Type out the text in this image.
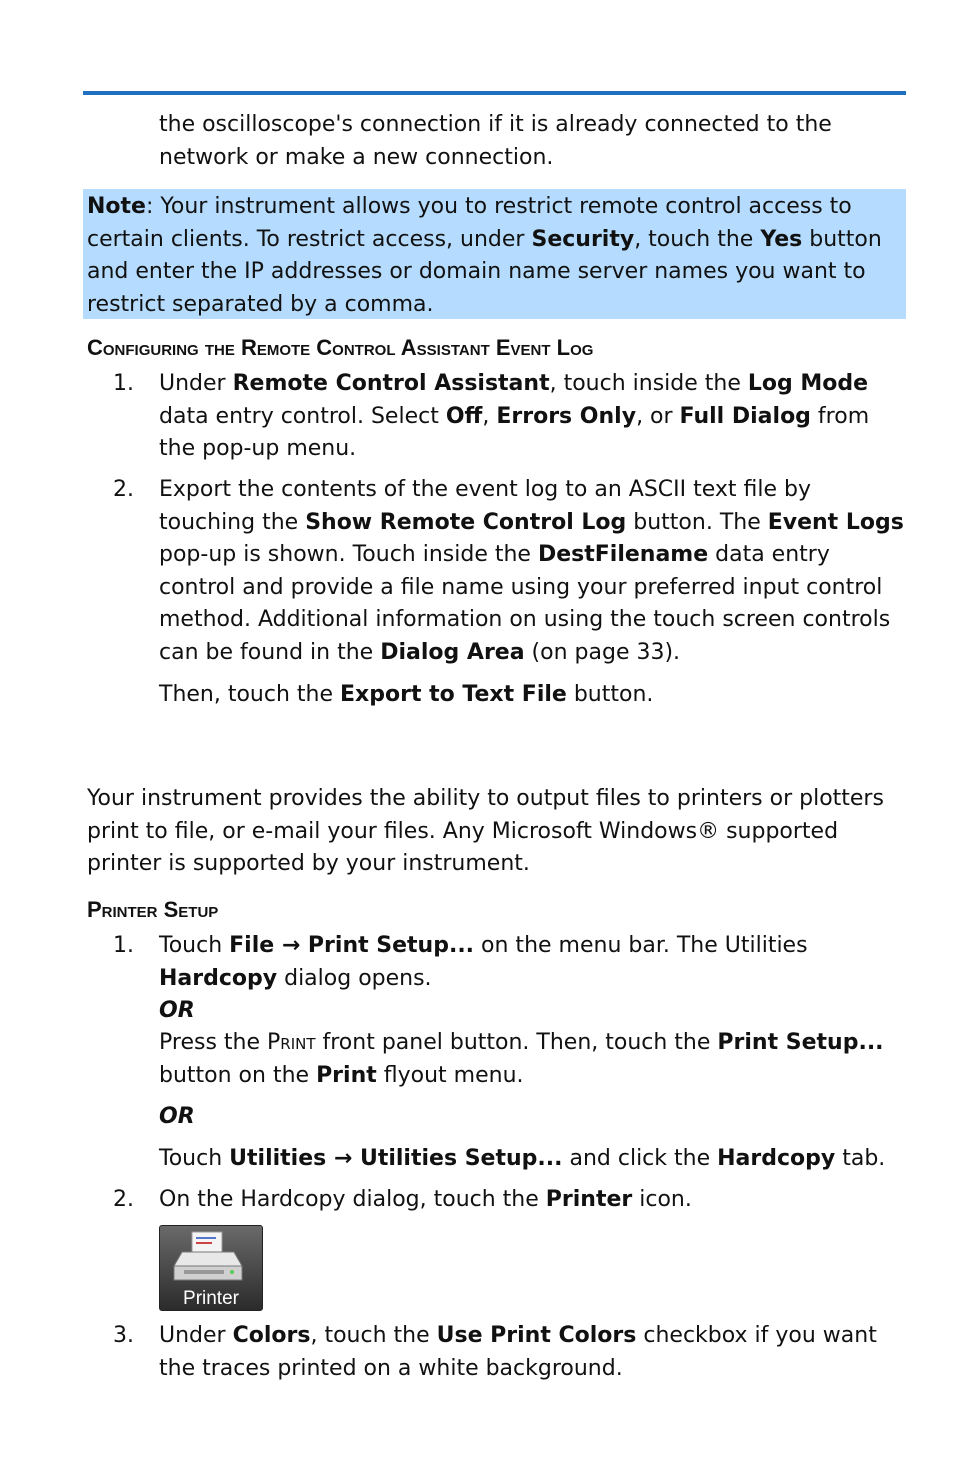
the oscilloscope's connection if it is already connected to the
network or make a new connection.

Note: Your instrument allows you to restrict remote control access to certain clients. To restrict access, under Security, touch the Yes button and enter the IP addresses or domain name server names you want to restrict separated by a comma.
Configuring the Remote Control Assistant Event Log
1. Under Remote Control Assistant, touch inside the Log Mode data entry control. Select Off, Errors Only, or Full Dialog from the pop-up menu.

2. Export the contents of the event log to an ASCII text file by touching the Show Remote Control Log button. The Event Logs pop-up is shown. Touch inside the DestFilename data entry control and provide a file name using your preferred input control method. Additional information on using the touch screen controls can be found in the Dialog Area (on page 33).

Then, touch the Export to Text File button.

Your instrument provides the ability to output files to printers or plotters print to file, or e-mail your files. Any Microsoft Windows® supported printer is supported by your instrument.

Printer Setup
1. Touch File → Print Setup... on the menu bar. The Utilities Hardcopy dialog opens.

OR

Press the Print front panel button. Then, touch the Print Setup... button on the Print flyout menu.

OR

Touch Utilities → Utilities Setup... and click the Hardcopy tab.

2. On the Hardcopy dialog, touch the Printer icon.

Printer
3. Under Colors, touch the Use Print Colors checkbox if you want the traces printed on a white background.
